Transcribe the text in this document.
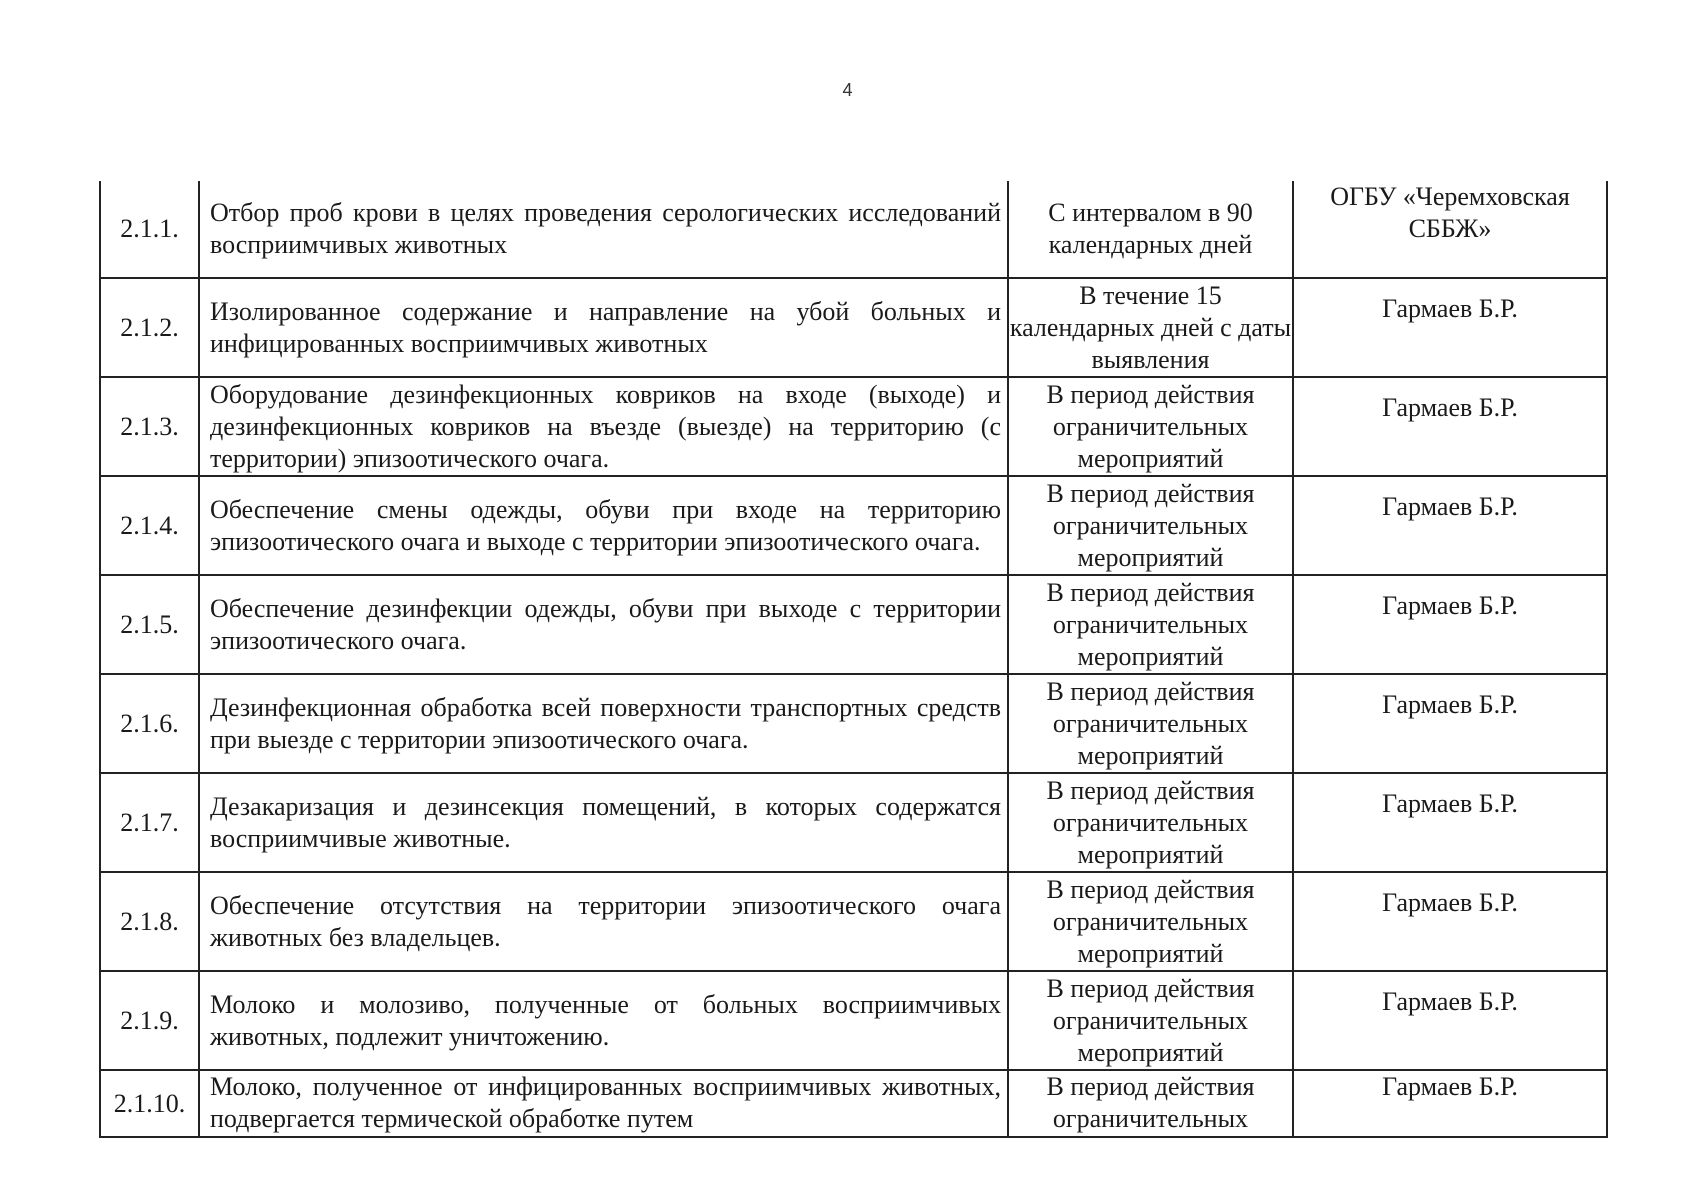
4
2.1.1.	Отбор проб крови в целях проведения серологических исследований восприимчивых животных	С интервалом в 90 календарных дней	ОГБУ «Черемховская СББЖ»
2.1.2.	Изолированное содержание и направление на убой больных и инфицированных восприимчивых животных	В течение 15 календарных дней с даты выявления	Гармаев Б.Р.
2.1.3.	Оборудование дезинфекционных ковриков на входе (выходе) и дезинфекционных ковриков на въезде (выезде) на территорию (с территории) эпизоотического очага.	В период действия ограничительных мероприятий	Гармаев Б.Р.
2.1.4.	Обеспечение смены одежды, обуви при входе на территорию эпизоотического очага и выходе с территории эпизоотического очага.	В период действия ограничительных мероприятий	Гармаев Б.Р.
2.1.5.	Обеспечение дезинфекции одежды, обуви при выходе с территории эпизоотического очага.	В период действия ограничительных мероприятий	Гармаев Б.Р.
2.1.6.	Дезинфекционная обработка всей поверхности транспортных средств при выезде с территории эпизоотического очага.	В период действия ограничительных мероприятий	Гармаев Б.Р.
2.1.7.	Дезакаризация и дезинсекция помещений, в которых содержатся восприимчивые животные.	В период действия ограничительных мероприятий	Гармаев Б.Р.
2.1.8.	Обеспечение отсутствия на территории эпизоотического очага животных без владельцев.	В период действия ограничительных мероприятий	Гармаев Б.Р.
2.1.9.	Молоко и молозиво, полученные от больных восприимчивых животных, подлежит уничтожению.	В период действия ограничительных мероприятий	Гармаев Б.Р.
2.1.10.	Молоко, полученное от инфицированных восприимчивых животных, подвергается термической обработке путем	В период действия ограничительных	Гармаев Б.Р.
